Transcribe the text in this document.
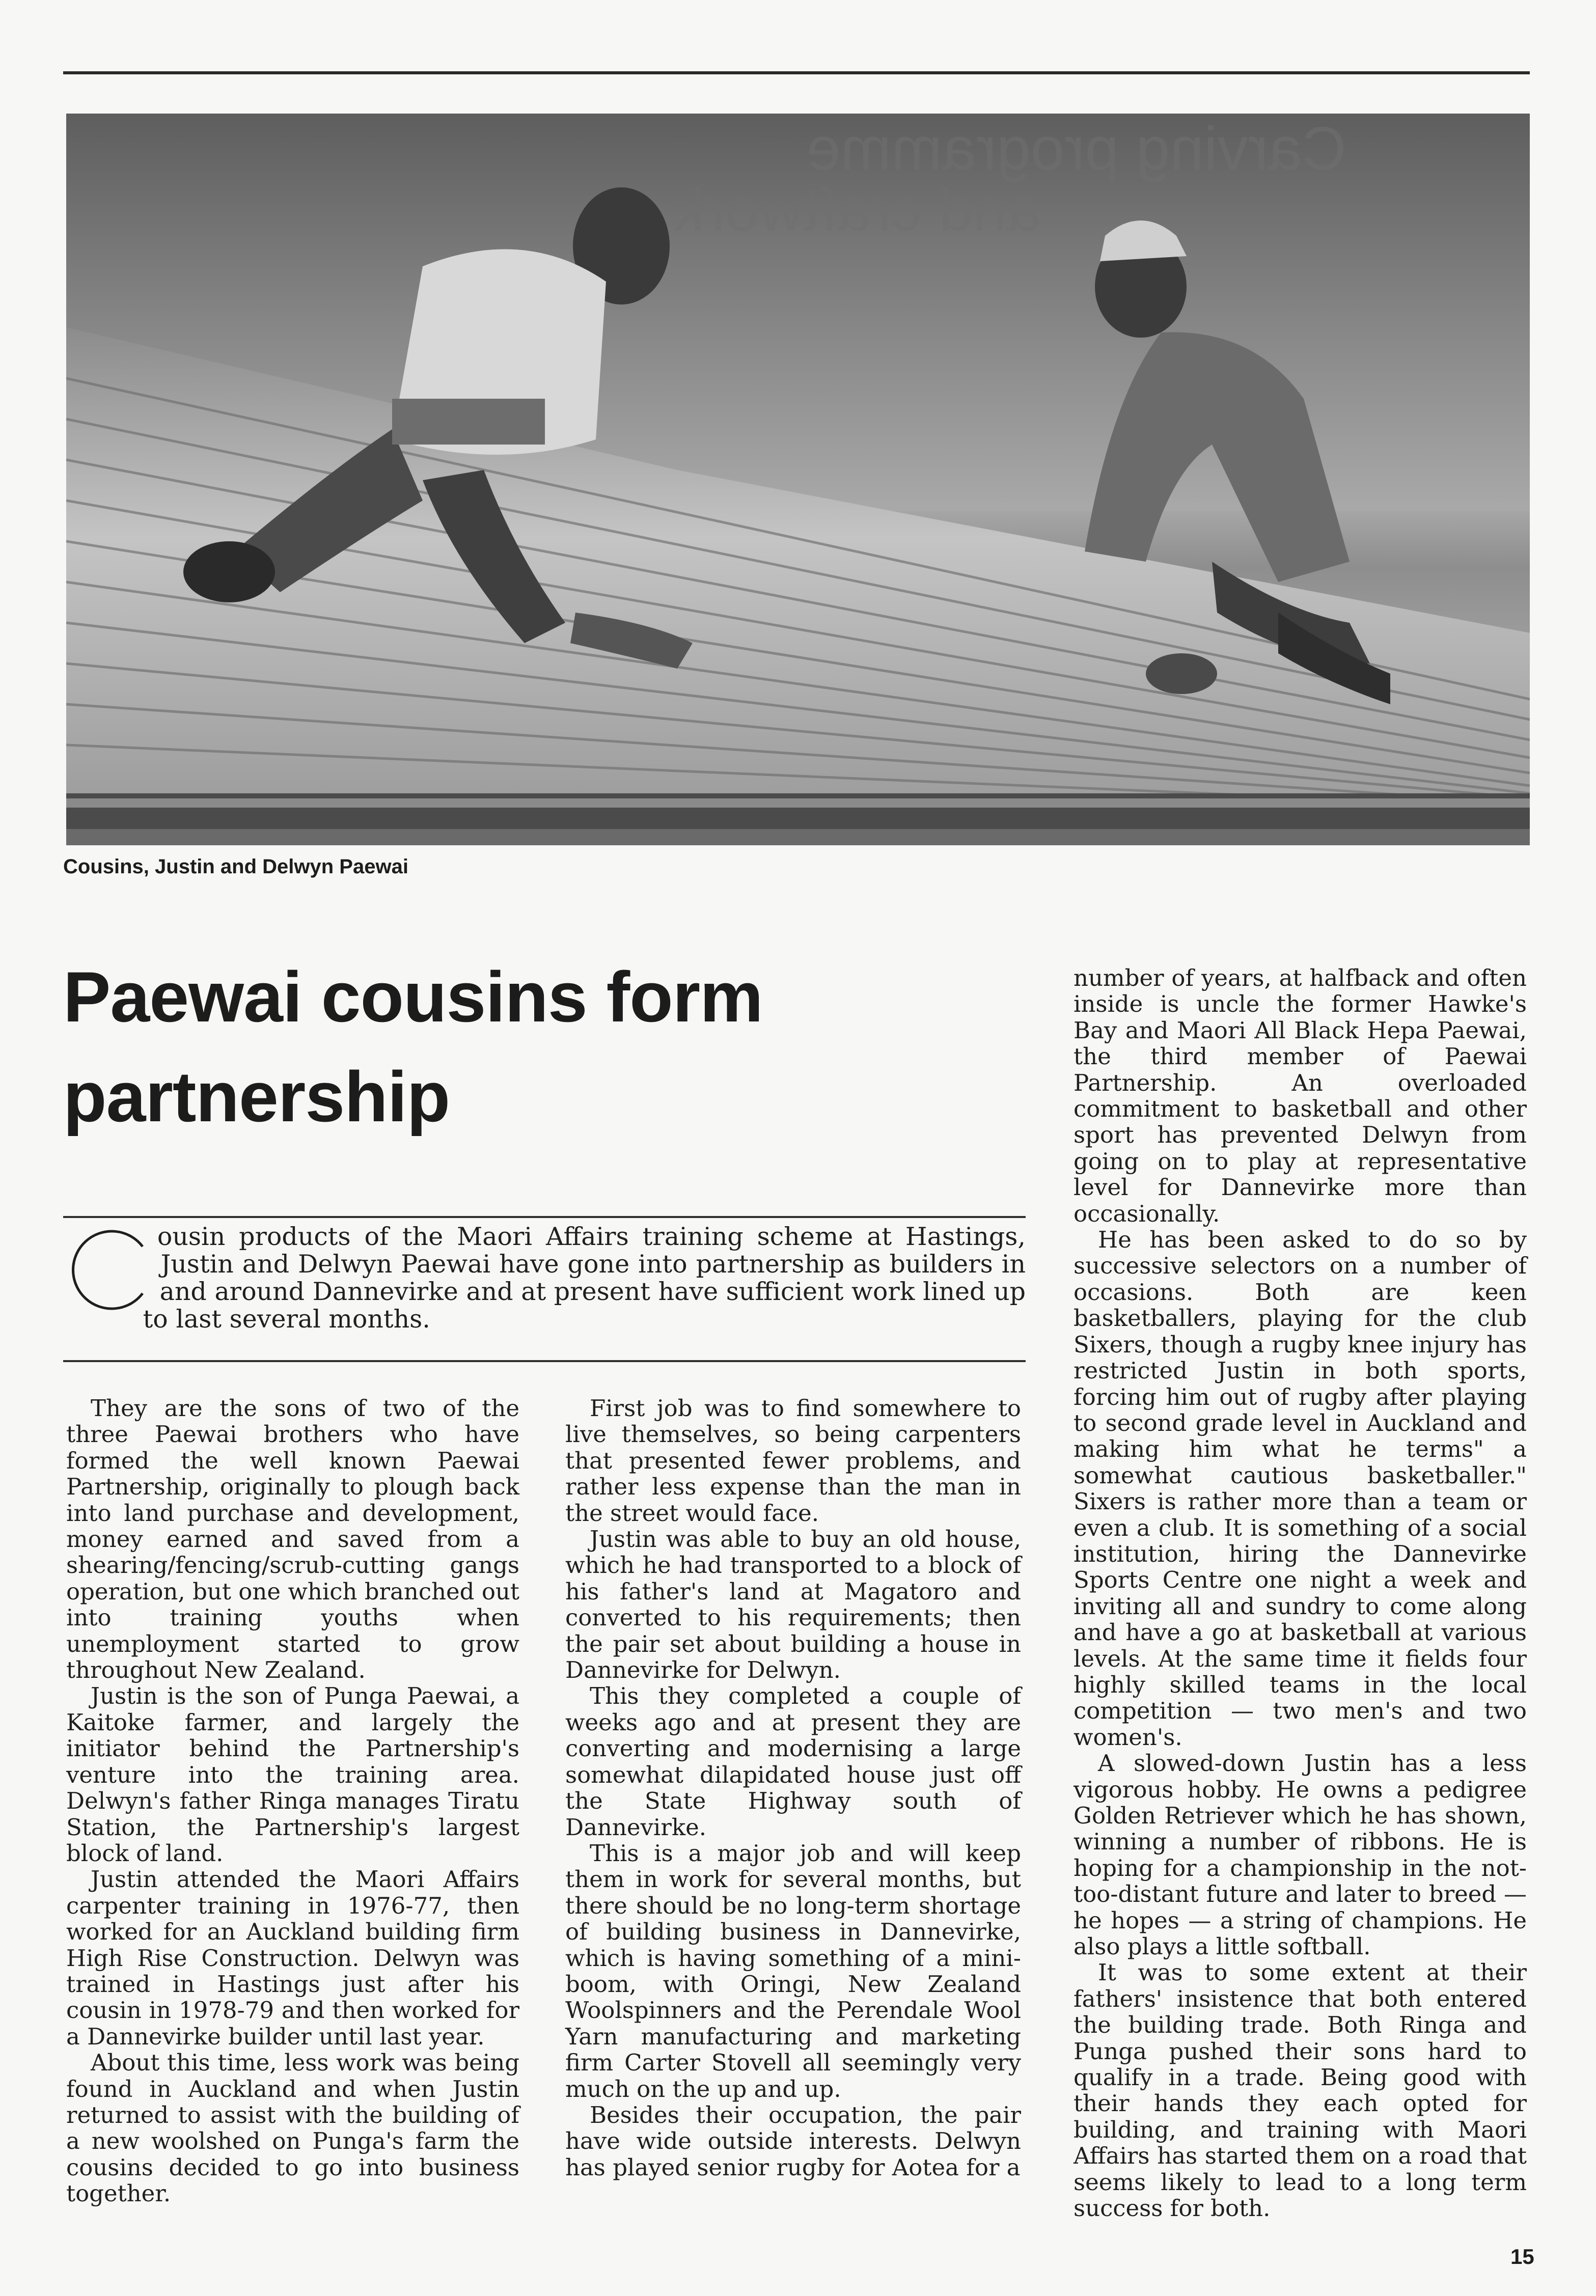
Carving programme
and craftwork
Cousins, Justin and Delwyn Paewai
Paewai cousins form partnership

C ousin products of the Maori Affairs training scheme at Hastings, Justin and Delwyn Paewai have gone into partnership as builders in and around Dannevirke and at present have sufficient work lined up to last several months.

They are the sons of two of the three Paewai brothers who have formed the well known Paewai Partnership, originally to plough back into land purchase and development, money earned and saved from a shearing/fencing/scrub-cutting gangs operation, but one which branched out into training youths when unemployment started to grow throughout New Zealand.

Justin is the son of Punga Paewai, a Kaitoke farmer, and largely the initiator behind the Partnership's venture into the training area. Delwyn's father Ringa manages Tiratu Station, the Partnership's largest block of land.

Justin attended the Maori Affairs carpenter training in 1976-77, then worked for an Auckland building firm High Rise Construction. Delwyn was trained in Hastings just after his cousin in 1978-79 and then worked for a Dannevirke builder until last year.

About this time, less work was being found in Auckland and when Justin returned to assist with the building of a new woolshed on Punga's farm the cousins decided to go into business together.

First job was to find somewhere to live themselves, so being carpenters that presented fewer problems, and rather less expense than the man in the street would face.

Justin was able to buy an old house, which he had transported to a block of his father's land at Magatoro and converted to his requirements; then the pair set about building a house in Dannevirke for Delwyn.

This they completed a couple of weeks ago and at present they are converting and modernising a large somewhat dilapidated house just off the State Highway south of Dannevirke.

This is a major job and will keep them in work for several months, but there should be no long-term shortage of building business in Dannevirke, which is having something of a mini-boom, with Oringi, New Zealand Woolspinners and the Perendale Wool Yarn manufacturing and marketing firm Carter Stovell all seemingly very much on the up and up.

Besides their occupation, the pair have wide outside interests. Delwyn has played senior rugby for Aotea for a

number of years, at halfback and often inside is uncle the former Hawke's Bay and Maori All Black Hepa Paewai, the third member of Paewai Partnership. An overloaded commitment to basketball and other sport has prevented Delwyn from going on to play at representative level for Dannevirke more than occasionally.

He has been asked to do so by successive selectors on a number of occasions. Both are keen basketballers, playing for the club Sixers, though a rugby knee injury has restricted Justin in both sports, forcing him out of rugby after playing to second grade level in Auckland and making him what he terms" a somewhat cautious basketballer." Sixers is rather more than a team or even a club. It is something of a social institution, hiring the Dannevirke Sports Centre one night a week and inviting all and sundry to come along and have a go at basketball at various levels. At the same time it fields four highly skilled teams in the local competition — two men's and two women's.

A slowed-down Justin has a less vigorous hobby. He owns a pedigree Golden Retriever which he has shown, winning a number of ribbons. He is hoping for a championship in the not-too-distant future and later to breed — he hopes — a string of champions. He also plays a little softball.

It was to some extent at their fathers' insistence that both entered the building trade. Both Ringa and Punga pushed their sons hard to qualify in a trade. Being good with their hands they each opted for building, and training with Maori Affairs has started them on a road that seems likely to lead to a long term success for both.

15
